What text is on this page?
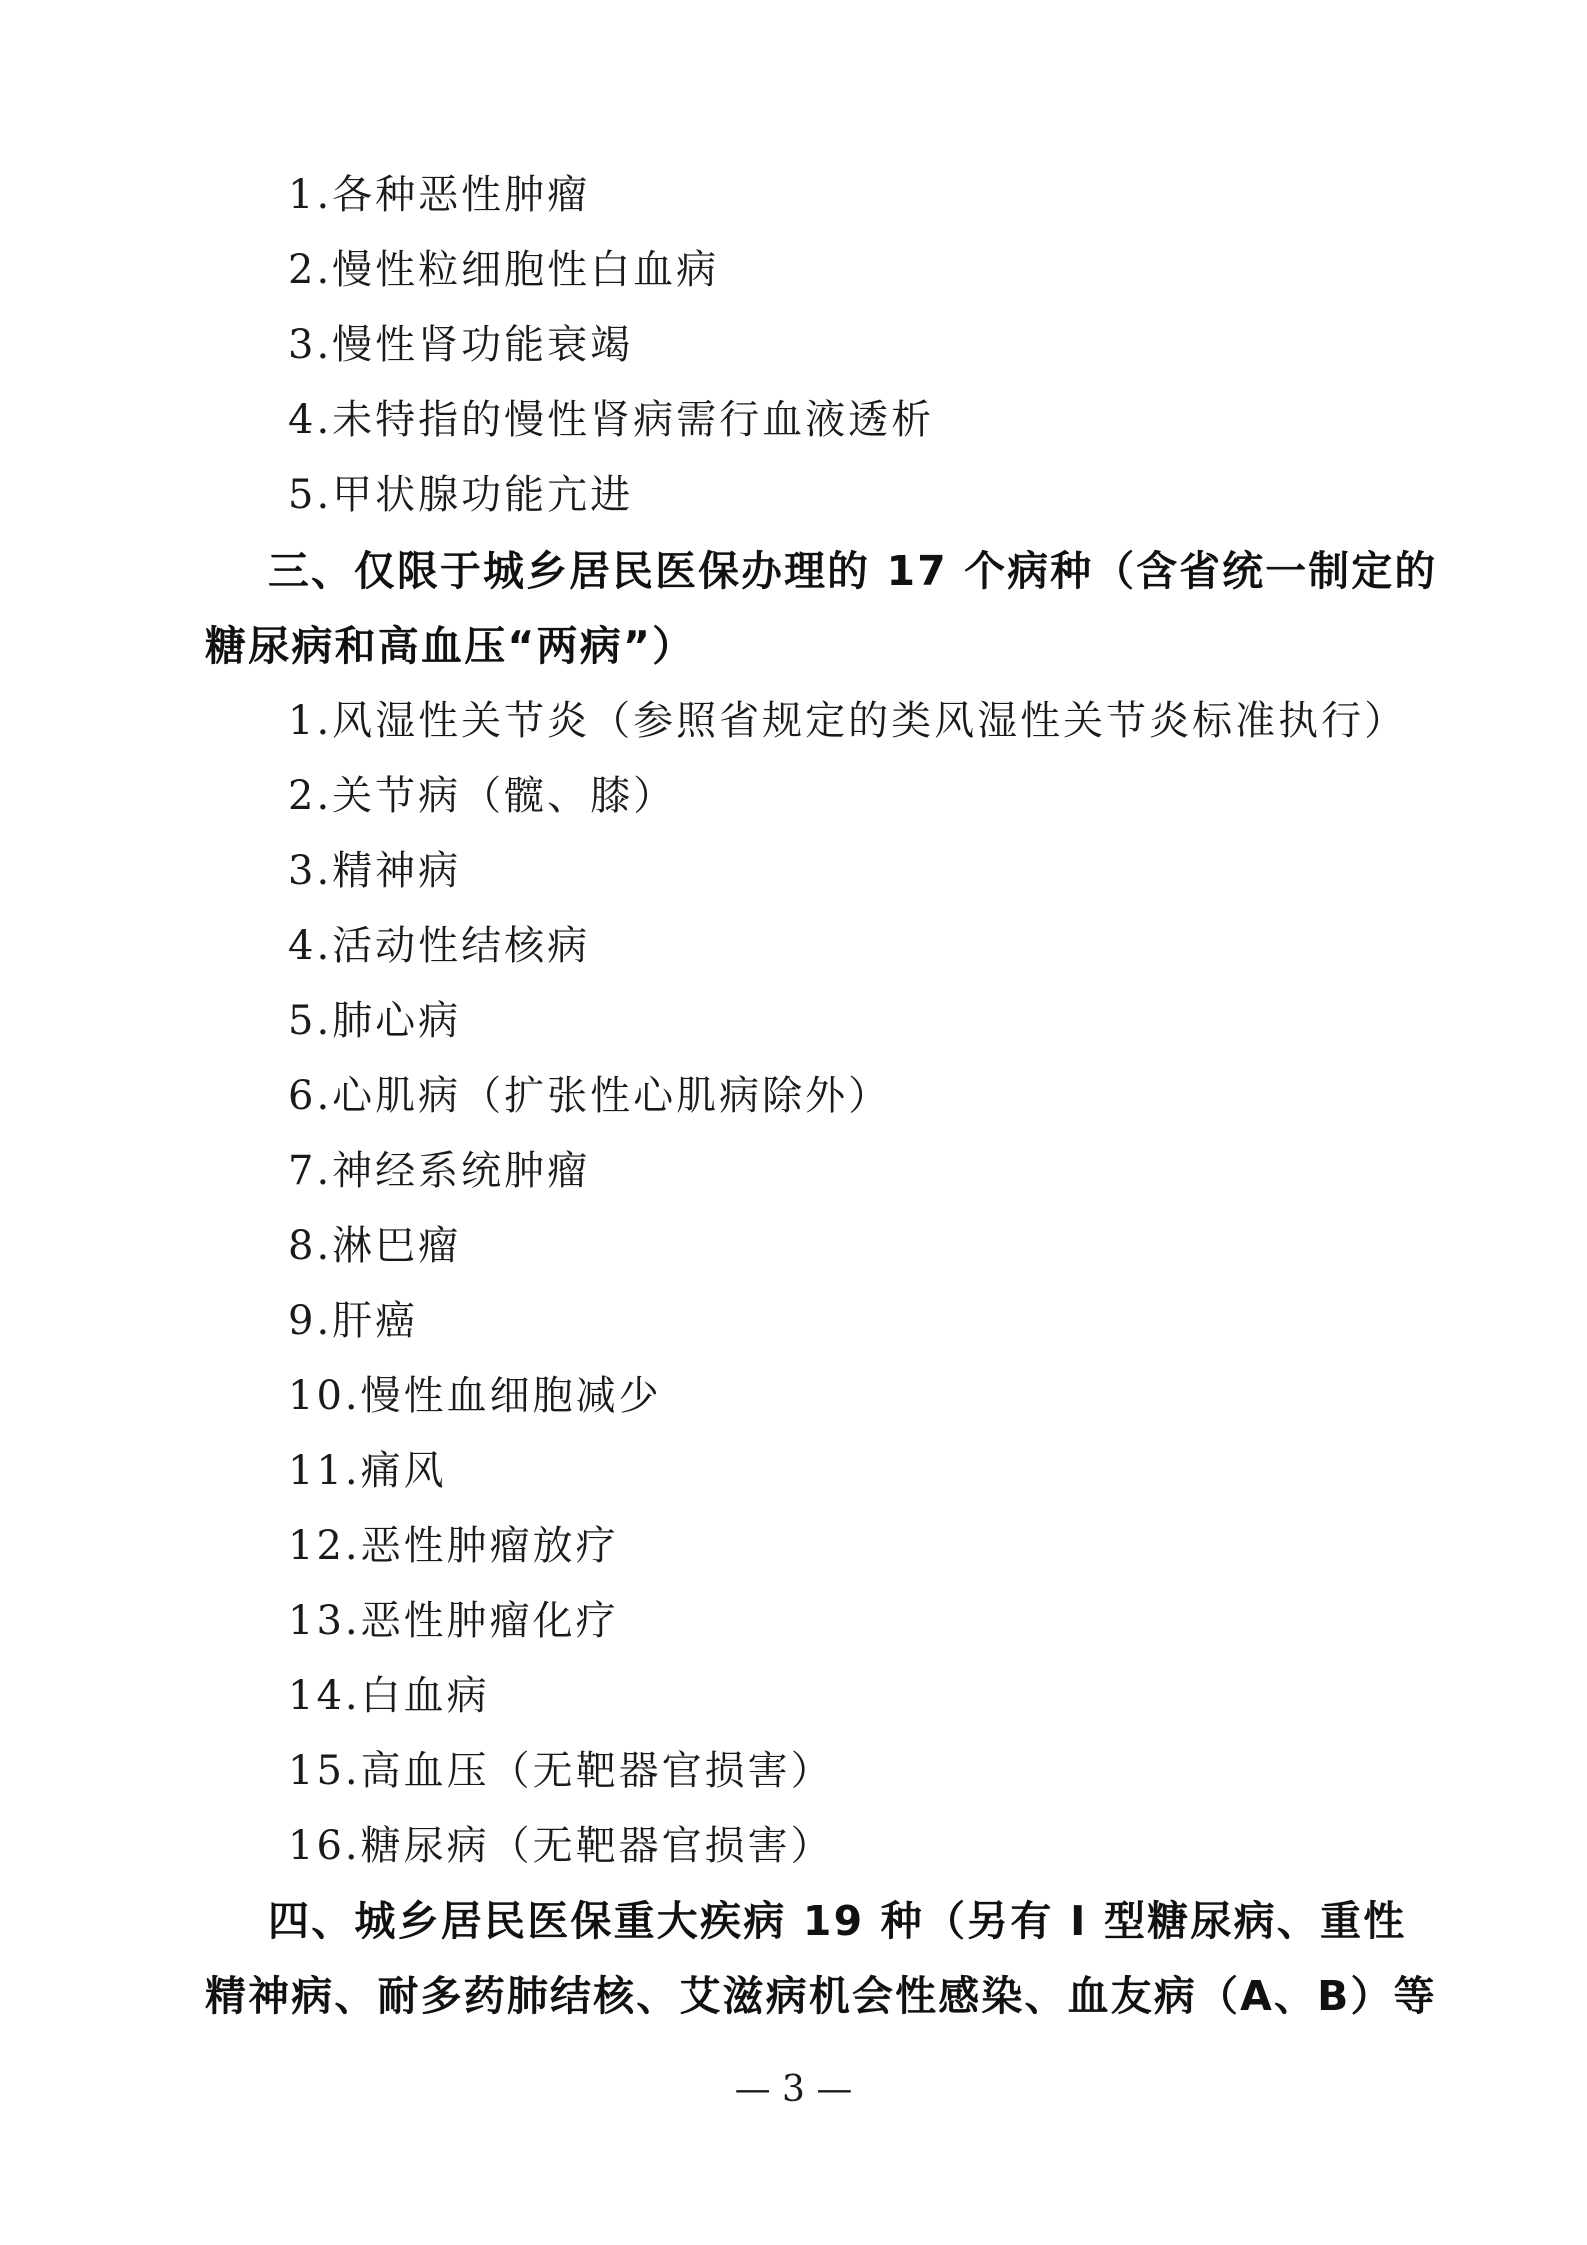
1.各种恶性肿瘤
2.慢性粒细胞性白血病
3.慢性肾功能衰竭
4.未特指的慢性肾病需行血液透析
5.甲状腺功能亢进
三、仅限于城乡居民医保办理的 17 个病种（含省统一制定的
糖尿病和高血压“两病”）
1.风湿性关节炎（参照省规定的类风湿性关节炎标准执行）
2.关节病（髋、膝）
3.精神病
4.活动性结核病
5.肺心病
6.心肌病（扩张性心肌病除外）
7.神经系统肿瘤
8.淋巴瘤
9.肝癌
10.慢性血细胞减少
11.痛风
12.恶性肿瘤放疗
13.恶性肿瘤化疗
14.白血病
15.高血压（无靶器官损害）
16.糖尿病（无靶器官损害）
四、城乡居民医保重大疾病 19 种（另有 I 型糖尿病、重性
精神病、耐多药肺结核、艾滋病机会性感染、血友病（A、B）等
— 3 —
